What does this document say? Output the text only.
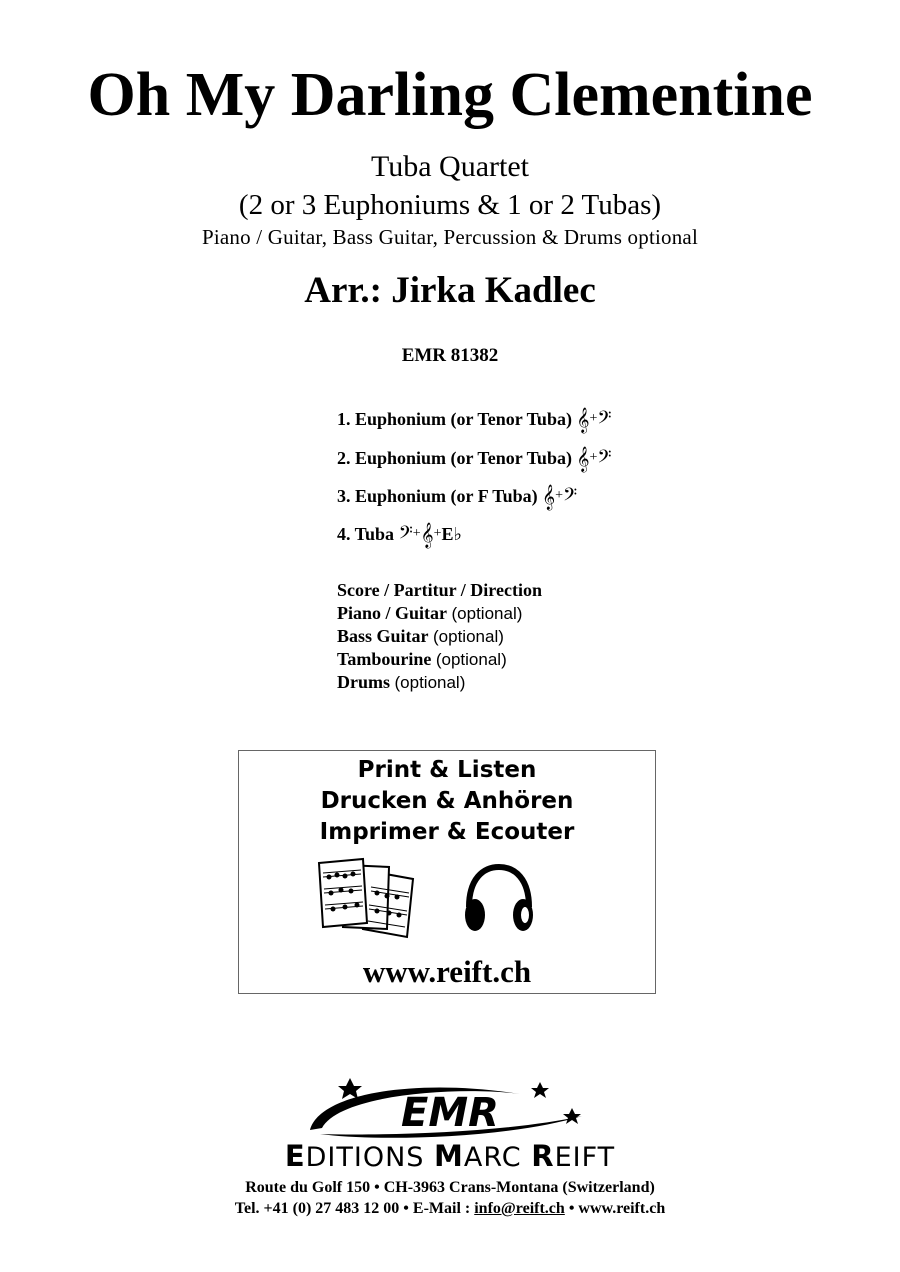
Oh My Darling Clementine
Tuba Quartet
(2 or 3 Euphoniums & 1 or 2 Tubas)
Piano / Guitar, Bass Guitar, Percussion & Drums optional
Arr.: Jirka Kadlec
EMR 81382
1. Euphonium (or Tenor Tuba) 𝄞+𝄢
2. Euphonium (or Tenor Tuba) 𝄞+𝄢
3. Euphonium (or F Tuba) 𝄞+𝄢
4. Tuba 𝄢+𝄞+E♭
Score / Partitur / Direction
Piano / Guitar (optional)
Bass Guitar (optional)
Tambourine (optional)
Drums (optional)
Print & Listen
Drucken & Anhören
Imprimer & Ecouter
www.reift.ch
EMR
EDITIONS MARC REIFT
Route du Golf 150 • CH-3963 Crans-Montana (Switzerland)
Tel. +41 (0) 27 483 12 00 • E-Mail : info@reift.ch • www.reift.ch
